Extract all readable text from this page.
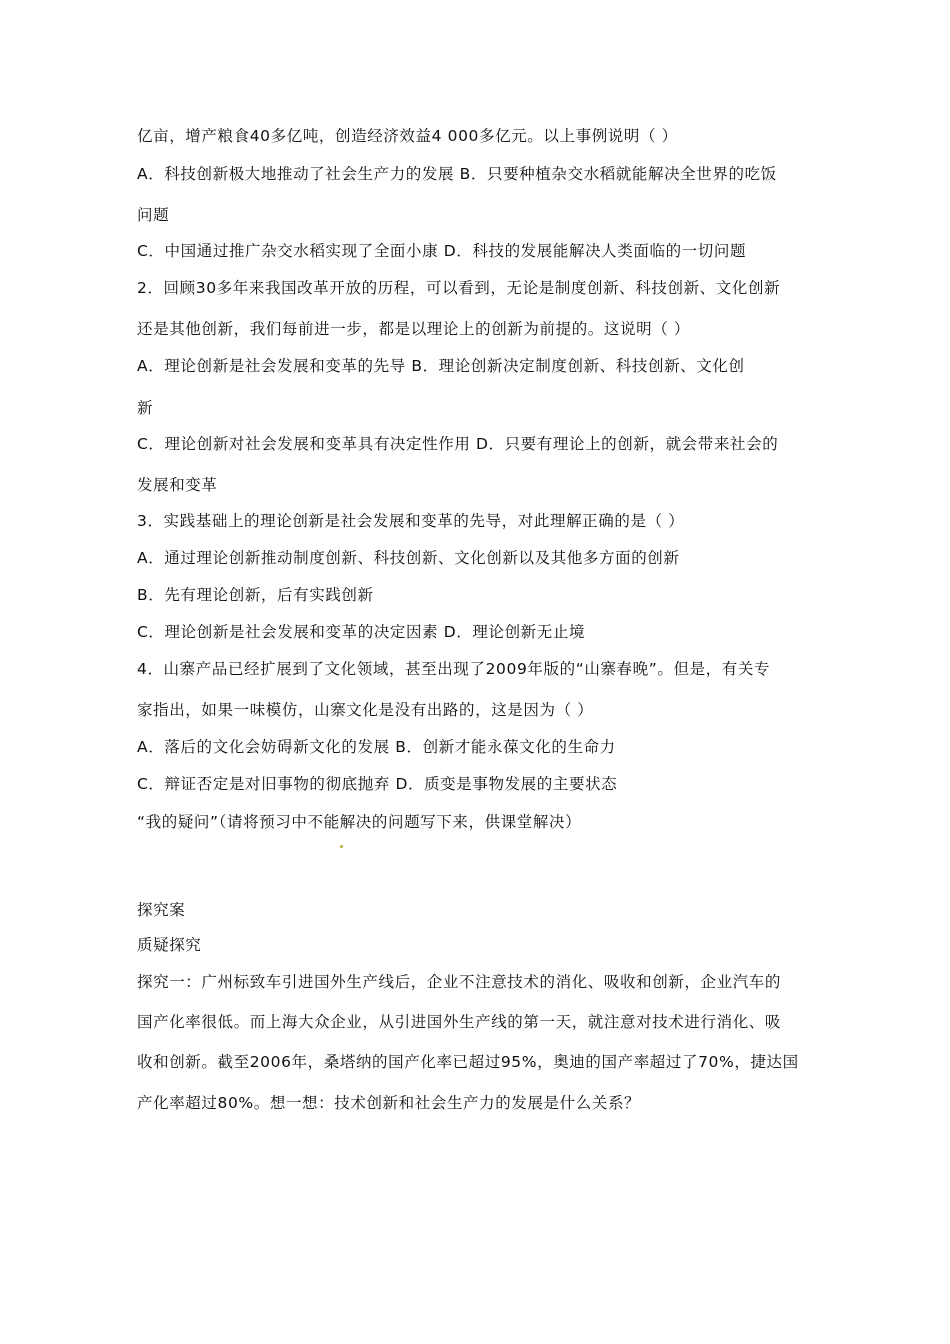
亿亩，增产粮食40多亿吨，创造经济效益4 000多亿元。以上事例说明（ ）
A．科技创新极大地推动了社会生产力的发展 B．只要种植杂交水稻就能解决全世界的吃饭
问题
C．中国通过推广杂交水稻实现了全面小康 D．科技的发展能解决人类面临的一切问题
2．回顾30多年来我国改革开放的历程，可以看到，无论是制度创新、科技创新、文化创新
还是其他创新，我们每前进一步，都是以理论上的创新为前提的。这说明（ ）
A．理论创新是社会发展和变革的先导 B．理论创新决定制度创新、科技创新、文化创
新
C．理论创新对社会发展和变革具有决定性作用 D．只要有理论上的创新，就会带来社会的
发展和变革
3．实践基础上的理论创新是社会发展和变革的先导，对此理解正确的是（ ）
A．通过理论创新推动制度创新、科技创新、文化创新以及其他多方面的创新
B．先有理论创新，后有实践创新
C．理论创新是社会发展和变革的决定因素 D．理论创新无止境
4．山寨产品已经扩展到了文化领域，甚至出现了2009年版的“山寨春晚”。但是，有关专
家指出，如果一味模仿，山寨文化是没有出路的，这是因为（ ）
A．落后的文化会妨碍新文化的发展 B．创新才能永葆文化的生命力
C．辩证否定是对旧事物的彻底抛弃 D．质变是事物发展的主要状态
“我的疑问”（请将预习中不能解决的问题写下来，供课堂解决）
探究案
质疑探究
探究一：广州标致车引进国外生产线后，企业不注意技术的消化、吸收和创新，企业汽车的
国产化率很低。而上海大众企业，从引进国外生产线的第一天，就注意对技术进行消化、吸
收和创新。截至2006年，桑塔纳的国产化率已超过95%，奥迪的国产率超过了70%，捷达国
产化率超过80%。想一想：技术创新和社会生产力的发展是什么关系？
